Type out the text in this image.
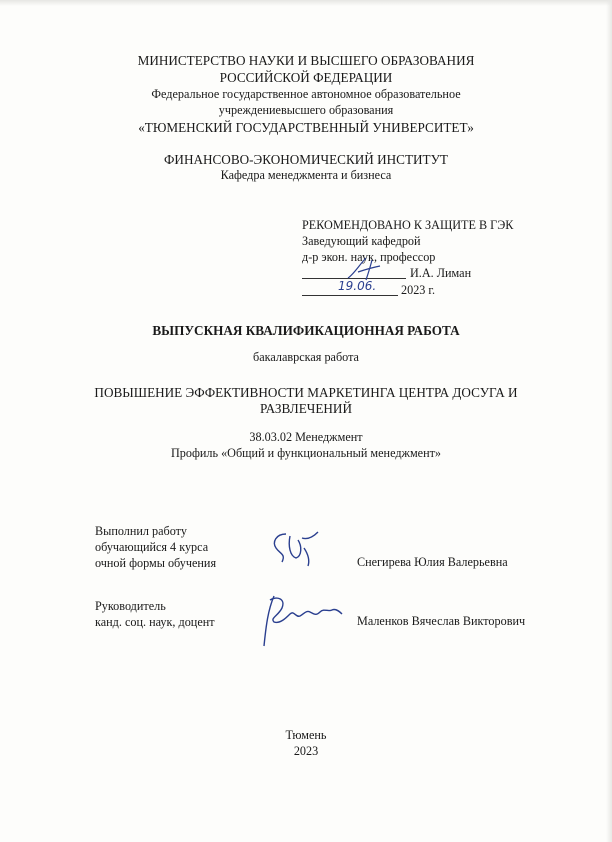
МИНИСТЕРСТВО НАУКИ И ВЫСШЕГО ОБРАЗОВАНИЯ
РОССИЙСКОЙ ФЕДЕРАЦИИ
Федеральное государственное автономное образовательное
учреждениевысшего образования
«ТЮМЕНСКИЙ ГОСУДАРСТВЕННЫЙ УНИВЕРСИТЕТ»
ФИНАНСОВО-ЭКОНОМИЧЕСКИЙ ИНСТИТУТ
Кафедра менеджмента и бизнеса
РЕКОМЕНДОВАНО К ЗАЩИТЕ В ГЭК
Заведующий кафедрой
д-р экон. наук, профессор
И.А. Лиман
19.06. 2023 г.
ВЫПУСКНАЯ КВАЛИФИКАЦИОННАЯ РАБОТА
бакалаврская работа
ПОВЫШЕНИЕ ЭФФЕКТИВНОСТИ МАРКЕТИНГА ЦЕНТРА ДОСУГА И
РАЗВЛЕЧЕНИЙ
38.03.02 Менеджмент
Профиль «Общий и функциональный менеджмент»
Выполнил работу
обучающийся 4 курса
очной формы обучения	Снегирева Юлия Валерьевна
Руководитель
канд. соц. наук, доцент	Маленков Вячеслав Викторович
Тюмень
2023
